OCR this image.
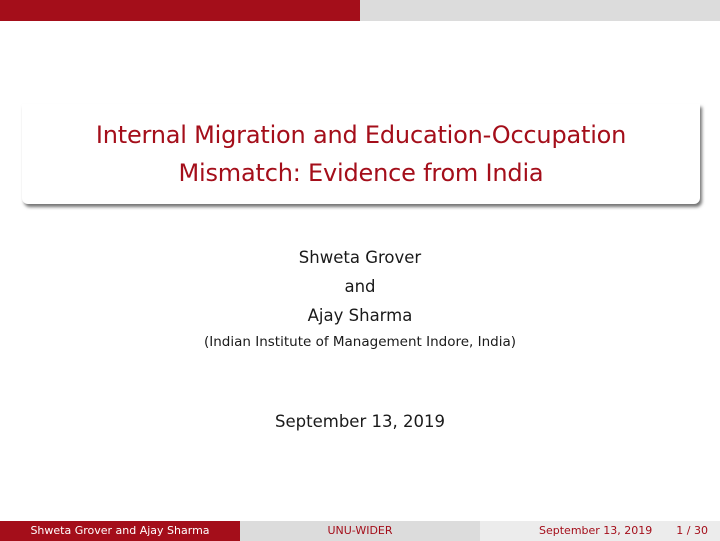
Internal Migration and Education-Occupation
Mismatch: Evidence from India
Shweta Grover
and
Ajay Sharma
(Indian Institute of Management Indore, India)
September 13, 2019
Shweta Grover and Ajay Sharma	UNU-WIDER	September 13, 2019 1 / 30
